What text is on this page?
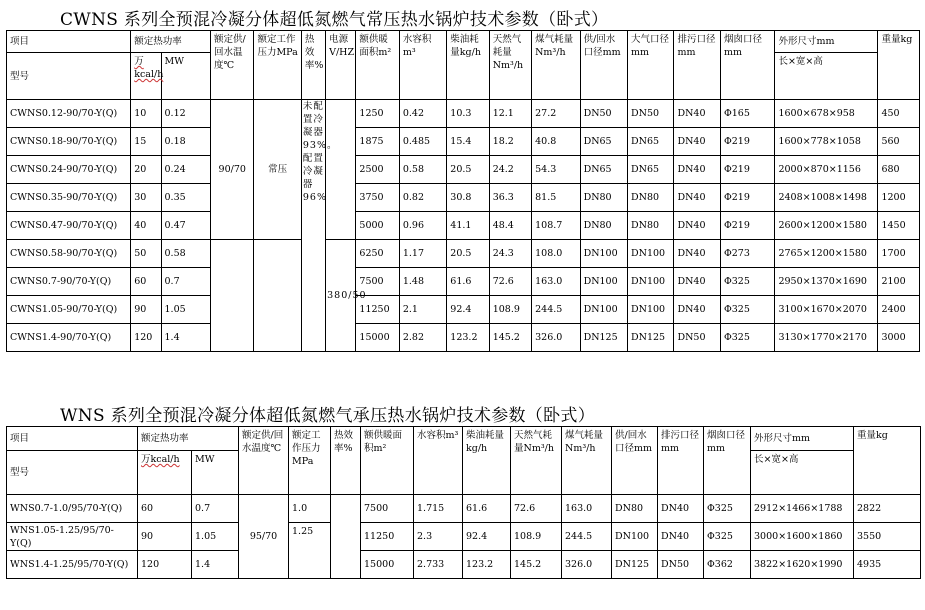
CWNS 系列全预混冷凝分体超低氮燃气常压热水锅炉技术参数（卧式）
项目	额定热功率		额定供/回水温度℃	额定工作压力MPa	热效率%	电源V/HZ	额供暖面积m²	水容积m³	柴油耗量kg/h	天然气耗量Nm³/h	煤气耗量Nm³/h	供/回水口径mm	大气口径mm	排污口径mm	烟囱口径mm	外形尺寸mm	重量kg
型号	万kcal/h	MW														长×宽×高	
CWNS0.12-90/70-Y(Q)	10	0.12	90/70	常压	未配置冷凝器93%。配置冷凝器96%		1250	0.42	10.3	12.1	27.2	DN50	DN50	DN40	Φ165	1600×678×958	450
CWNS0.18-90/70-Y(Q)	15	0.18					1875	0.485	15.4	18.2	40.8	DN65	DN65	DN40	Φ219	1600×778×1058	560
CWNS0.24-90/70-Y(Q)	20	0.24					2500	0.58	20.5	24.2	54.3	DN65	DN65	DN40	Φ219	2000×870×1156	680
CWNS0.35-90/70-Y(Q)	30	0.35					3750	0.82	30.8	36.3	81.5	DN80	DN80	DN40	Φ219	2408×1008×1498	1200
CWNS0.47-90/70-Y(Q)	40	0.47					5000	0.96	41.1	48.4	108.7	DN80	DN80	DN40	Φ219	2600×1200×1580	1450
CWNS0.58-90/70-Y(Q)	50	0.58				380/50	6250	1.17	20.5	24.3	108.0	DN100	DN100	DN40	Φ273	2765×1200×1580	1700
CWNS0.7-90/70-Y(Q)	60	0.7					7500	1.48	61.6	72.6	163.0	DN100	DN100	DN40	Φ325	2950×1370×1690	2100
CWNS1.05-90/70-Y(Q)	90	1.05					11250	2.1	92.4	108.9	244.5	DN100	DN100	DN40	Φ325	3100×1670×2070	2400
CWNS1.4-90/70-Y(Q)	120	1.4					15000	2.82	123.2	145.2	326.0	DN125	DN125	DN50	Φ325	3130×1770×2170	3000
WNS 系列全预混冷凝分体超低氮燃气承压热水锅炉技术参数（卧式）
项目	额定热功率		额定供/回水温度℃	额定工作压力MPa	热效率%	额供暖面积m²	水容积m³	柴油耗量kg/h	天然气耗量Nm³/h	煤气耗量Nm³/h	供/回水口径mm	排污口径mm	烟囱口径mm	外形尺寸mm	重量kg
型号	万kcal/h	MW												长×宽×高	
WNS0.7-1.0/95/70-Y(Q)	60	0.7	95/70	1.0		7500	1.715	61.6	72.6	163.0	DN80	DN40	Φ325	2912×1466×1788	2822
WNS1.05-1.25/95/70-Y(Q)	90	1.05		1.25		11250	2.3	92.4	108.9	244.5	DN100	DN40	Φ325	3000×1600×1860	3550
WNS1.4-1.25/95/70-Y(Q)	120	1.4				15000	2.733	123.2	145.2	326.0	DN125	DN50	Φ362	3822×1620×1990	4935
